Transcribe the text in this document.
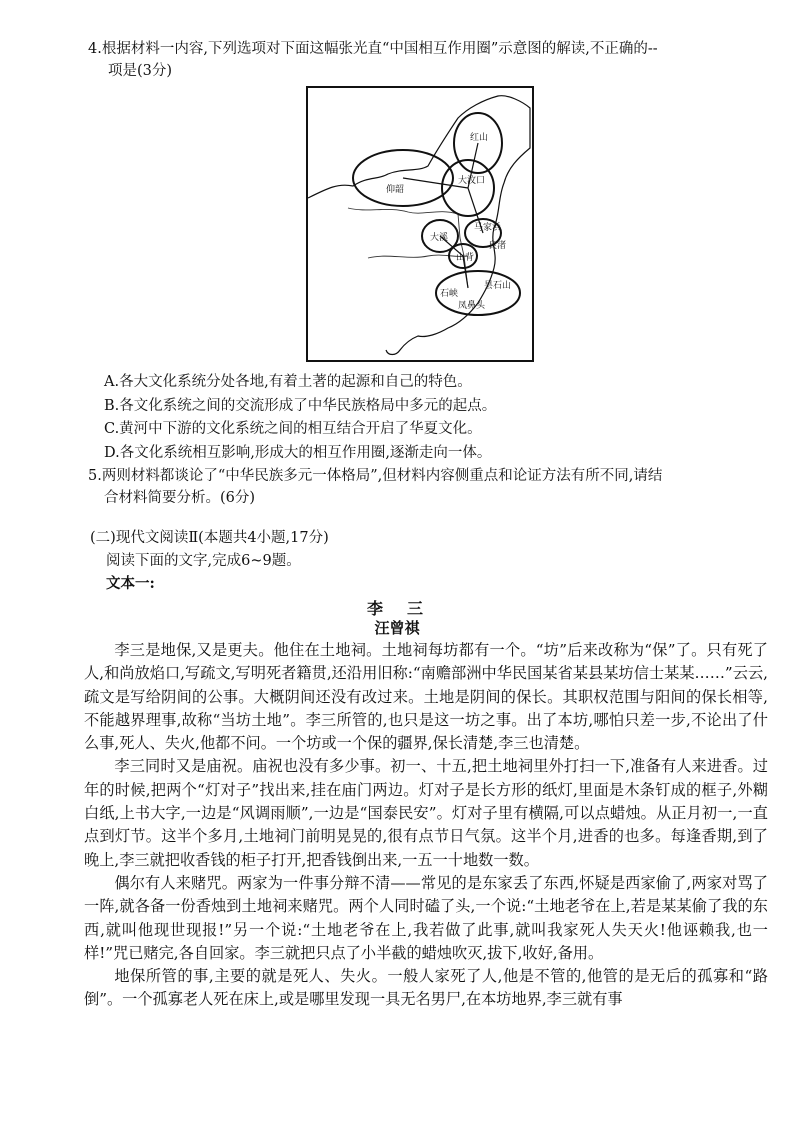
4.根据材料一内容,下列选项对下面这幅张光直“中国相互作用圈”示意图的解读,不正确的--
项是(3分)
红山
仰韶
大汶口
大溪
马家浜
山背
石峡
昙石山
凤鼻头
良渚
A.各大文化系统分处各地,有着土著的起源和自己的特色。
B.各文化系统之间的交流形成了中华民族格局中多元的起点。
C.黄河中下游的文化系统之间的相互结合开启了华夏文化。
D.各文化系统相互影响,形成大的相互作用圈,逐渐走向一体。
5.两则材料都谈论了“中华民族多元一体格局”,但材料内容侧重点和论证方法有所不同,请结
合材料简要分析。(6分)
(二)现代文阅读Ⅱ(本题共4小题,17分)
阅读下面的文字,完成6~9题。
文本一:
李三
汪曾祺

李三是地保,又是更夫。他住在土地祠。土地祠每坊都有一个。“坊”后来改称为“保”了。只有死了人,和尚放焰口,写疏文,写明死者籍贯,还沿用旧称:“南赡部洲中华民国某省某县某坊信士某某……”云云,疏文是写给阴间的公事。大概阴间还没有改过来。土地是阴间的保长。其职权范围与阳间的保长相等,不能越界理事,故称“当坊土地”。李三所管的,也只是这一坊之事。出了本坊,哪怕只差一步,不论出了什么事,死人、失火,他都不问。一个坊或一个保的疆界,保长清楚,李三也清楚。

李三同时又是庙祝。庙祝也没有多少事。初一、十五,把土地祠里外打扫一下,准备有人来进香。过年的时候,把两个“灯对子”找出来,挂在庙门两边。灯对子是长方形的纸灯,里面是木条钉成的框子,外糊白纸,上书大字,一边是“风调雨顺”,一边是“国泰民安”。灯对子里有横隔,可以点蜡烛。从正月初一,一直点到灯节。这半个多月,土地祠门前明晃晃的,很有点节日气氛。这半个月,进香的也多。每逢香期,到了晚上,李三就把收香钱的柜子打开,把香钱倒出来,一五一十地数一数。

偶尔有人来赌咒。两家为一件事分辩不清——常见的是东家丢了东西,怀疑是西家偷了,两家对骂了一阵,就各备一份香烛到土地祠来赌咒。两个人同时磕了头,一个说:“土地老爷在上,若是某某偷了我的东西,就叫他现世现报!”另一个说:“土地老爷在上,我若做了此事,就叫我家死人失天火!他诬赖我,也一样!”咒已赌完,各自回家。李三就把只点了小半截的蜡烛吹灭,拔下,收好,备用。

地保所管的事,主要的就是死人、失火。一般人家死了人,他是不管的,他管的是无后的孤寡和“路倒”。一个孤寡老人死在床上,或是哪里发现一具无名男尸,在本坊地界,李三就有事
